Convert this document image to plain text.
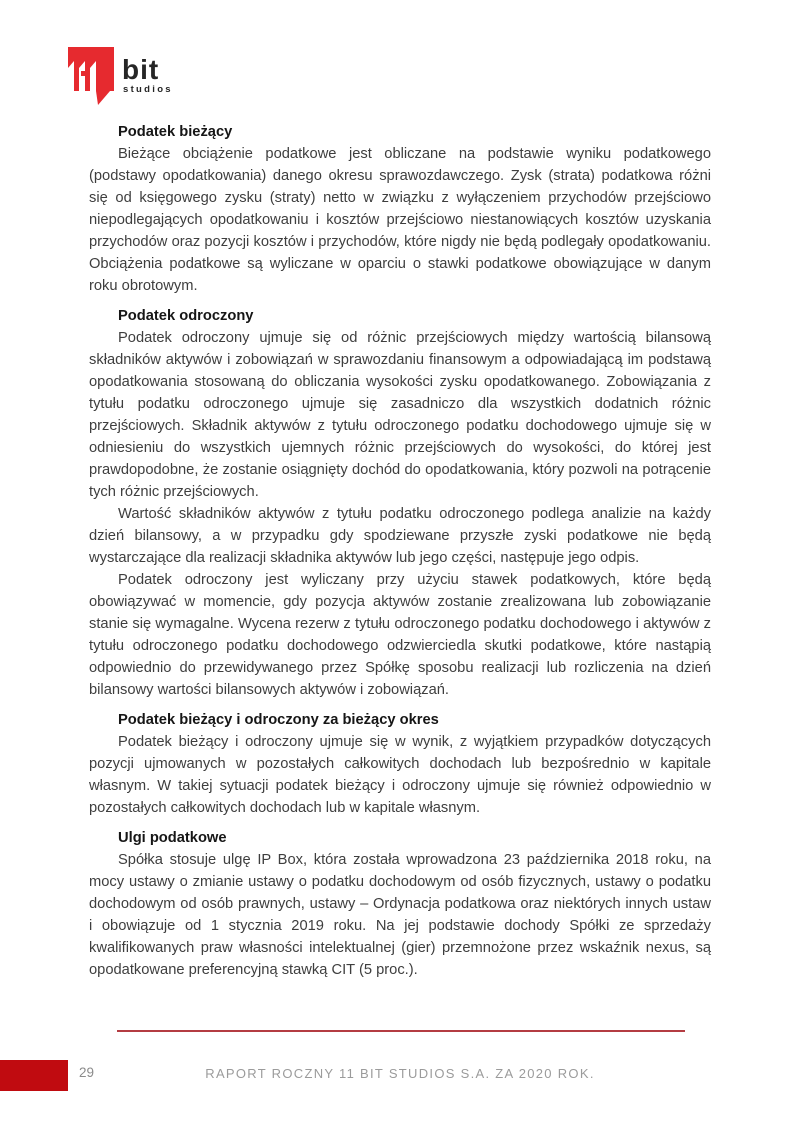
bit
studios
Podatek bieżący

Bieżące obciążenie podatkowe jest obliczane na podstawie wyniku podatkowego (podstawy opodatkowania) danego okresu sprawozdawczego. Zysk (strata) podatkowa różni się od księgowego zysku (straty) netto w związku z wyłączeniem przychodów przejściowo niepodlegających opodatkowaniu i kosztów przejściowo niestanowiących kosztów uzyskania przychodów oraz pozycji kosztów i przychodów, które nigdy nie będą podlegały opodatkowaniu. Obciążenia podatkowe są wyliczane w oparciu o stawki podatkowe obowiązujące w danym roku obrotowym.

Podatek odroczony

Podatek odroczony ujmuje się od różnic przejściowych między wartością bilansową składników aktywów i zobowiązań w sprawozdaniu finansowym a odpowiadającą im podstawą opodatkowania stosowaną do obliczania wysokości zysku opodatkowanego. Zobowiązania z tytułu podatku odroczonego ujmuje się zasadniczo dla wszystkich dodatnich różnic przejściowych. Składnik aktywów z tytułu odroczonego podatku dochodowego ujmuje się w odniesieniu do wszystkich ujemnych różnic przejściowych do wysokości, do której jest prawdopodobne, że zostanie osiągnięty dochód do opodatkowania, który pozwoli na potrącenie tych różnic przejściowych.

Wartość składników aktywów z tytułu podatku odroczonego podlega analizie na każdy dzień bilansowy, a w przypadku gdy spodziewane przyszłe zyski podatkowe nie będą wystarczające dla realizacji składnika aktywów lub jego części, następuje jego odpis.

Podatek odroczony jest wyliczany przy użyciu stawek podatkowych, które będą obowiązywać w momencie, gdy pozycja aktywów zostanie zrealizowana lub zobowiązanie stanie się wymagalne. Wycena rezerw z tytułu odroczonego podatku dochodowego i aktywów z tytułu odroczonego podatku dochodowego odzwierciedla skutki podatkowe, które nastąpią odpowiednio do przewidywanego przez Spółkę sposobu realizacji lub rozliczenia na dzień bilansowy wartości bilansowych aktywów i zobowiązań.

Podatek bieżący i odroczony za bieżący okres

Podatek bieżący i odroczony ujmuje się w wynik, z wyjątkiem przypadków dotyczących pozycji ujmowanych w pozostałych całkowitych dochodach lub bezpośrednio w kapitale własnym. W takiej sytuacji podatek bieżący i odroczony ujmuje się również odpowiednio w pozostałych całkowitych dochodach lub w kapitale własnym.

Ulgi podatkowe

Spółka stosuje ulgę IP Box, która została wprowadzona 23 października 2018 roku, na mocy ustawy o zmianie ustawy o podatku dochodowym od osób fizycznych, ustawy o podatku dochodowym od osób prawnych, ustawy – Ordynacja podatkowa oraz niektórych innych ustaw i obowiązuje od 1 stycznia 2019 roku. Na jej podstawie dochody Spółki ze sprzedaży kwalifikowanych praw własności intelektualnej (gier) przemnożone przez wskaźnik nexus, są opodatkowane preferencyjną stawką CIT (5 proc.).

29	RAPORT ROCZNY 11 BIT STUDIOS S.A. ZA 2020 ROK.
